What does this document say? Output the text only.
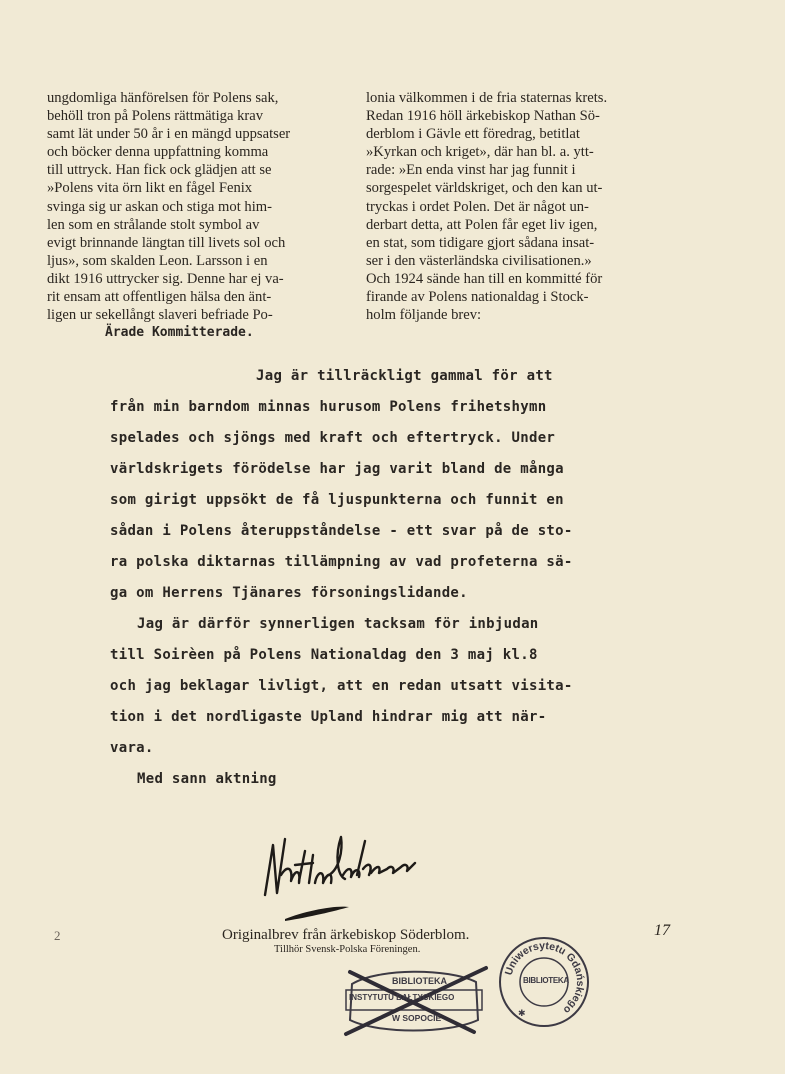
ungdomliga hänförelsen för Polens sak,
behöll tron på Polens rättmätiga krav
samt lät under 50 år i en mängd uppsatser
och böcker denna uppfattning komma
till uttryck. Han fick ock glädjen att se
»Polens vita örn likt en fågel Fenix
svinga sig ur askan och stiga mot him-
len som en strålande stolt symbol av
evigt brinnande längtan till livets sol och
ljus», som skalden Leon. Larsson i en
dikt 1916 uttrycker sig. Denne har ej va-
rit ensam att offentligen hälsa den änt-
ligen ur sekellångt slaveri befriade Po-
lonia välkommen i de fria staternas krets.
Redan 1916 höll ärkebiskop Nathan Sö-
derblom i Gävle ett föredrag, betitlat
»Kyrkan och kriget», där han bl. a. ytt-
rade: »En enda vinst har jag funnit i
sorgespelet världskriget, och den kan ut-
tryckas i ordet Polen. Det är något un-
derbart detta, att Polen får eget liv igen,
en stat, som tidigare gjort sådana insat-
ser i den västerländska civilisationen.»
Och 1924 sände han till en kommitté för
firande av Polens nationaldag i Stock-
holm följande brev:
Ärade Kommitterade.
Jag är tillräckligt gammal för att
från min barndom minnas hurusom Polens frihetshymn
spelades och sjöngs med kraft och eftertryck. Under
världskrigets förödelse har jag varit bland de många
som girigt uppsökt de få ljuspunkterna och funnit en
sådan i Polens återuppståndelse - ett svar på de sto-
ra polska diktarnas tillämpning av vad profeterna sä-
ga om Herrens Tjänares försoningslidande.
Jag är därför synnerligen tacksam för inbjudan
till Soirèen på Polens Nationaldag den 3 maj kl.8
och jag beklagar livligt, att en redan utsatt visita-
tion i det nordligaste Upland hindrar mig att när-
vara.
Med sann aktning
2	Originalbrev från ärkebiskop Söderblom.
Tillhör Svensk-Polska Föreningen.
17
BIBLIOTEKA
INSTYTUTU BAŁTYCKIEGO
W SOPOCIE
Uniwersytetu Gdańskiego
✱
BIBLIOTEKA
